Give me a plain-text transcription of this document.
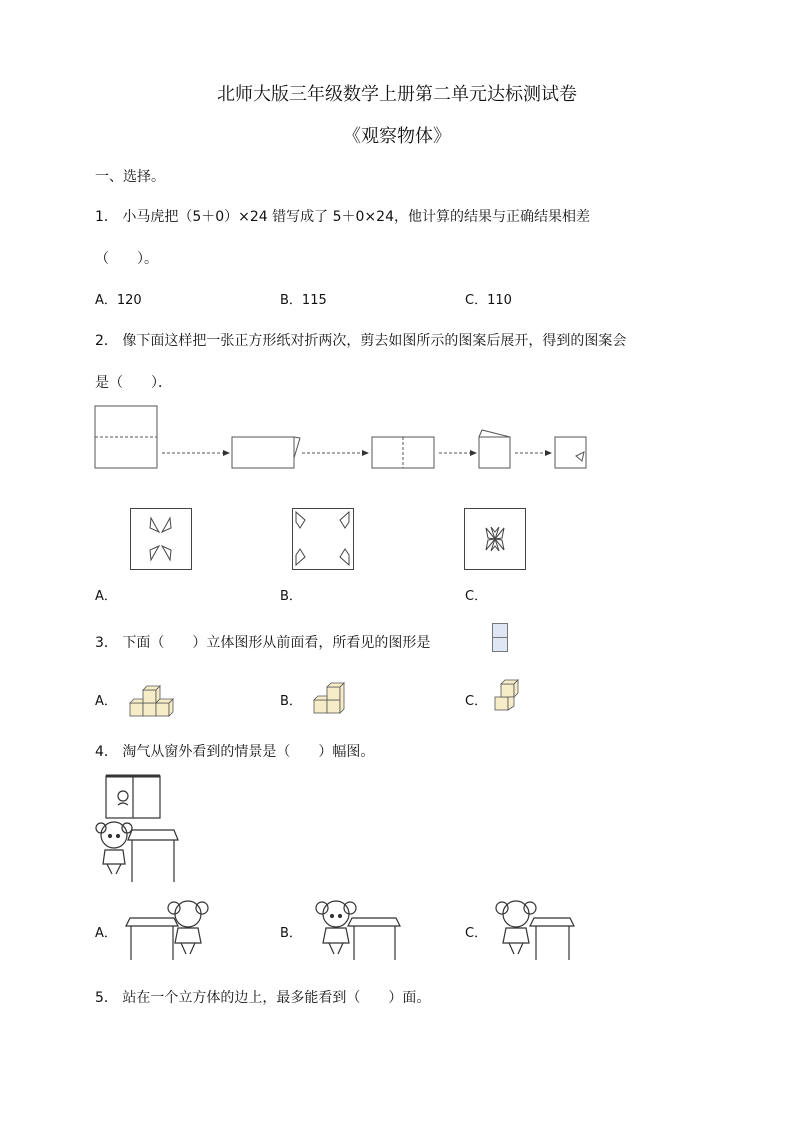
北师大版三年级数学上册第二单元达标测试卷
《观察物体》
一、选择。
1． 小马虎把（5＋0）×24 错写成了 5＋0×24，他计算的结果与正确结果相差
（　　）。
A．120	B．115	C．110
2． 像下面这样把一张正方形纸对折两次，剪去如图所示的图案后展开，得到的图案会
是（　　）．
A．	B．	C．
3． 下面（　　）立体图形从前面看，所看见的图形是
A．	B．	C．
4． 淘气从窗外看到的情景是（　　）幅图。
A．	B．	C．
5． 站在一个立方体的边上，最多能看到（　　）面。
